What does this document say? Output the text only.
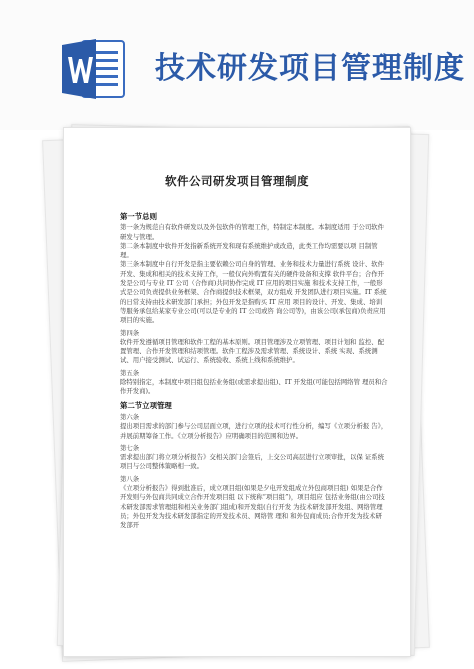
技术研发项目管理制度
软件公司研发项目管理制度

第一节总则

第一条为规范自有软件研发以及外包软件的管理工作，特制定本制度。本制度适用 于公司软件研发与管理。

第二条本制度中软件开发指新系统开发和现有系统维护或改造，此类工作均需要以项 目制管理。

第三条本制度中自行开发是指主要依赖公司自身的管理、业务和技术力量进行系统 设计、软件开发、集成和相关的技术支持工作，一般仅向外购置有关的硬件设备和支撑 软件平台；合作开发是公司与专业 IT 公司（合作商)共同协作完成 IT 应用的项目实施 和技术支持工作，一般形式是公司负责提供业务框架、合作商提供技术框架，双方组成 开发团队进行项目实施。IT 系统的日常支持由技术研发部门承担；外包开发是指购买 IT 应用 项目的设计、开发、集成、培训等服务承包给某家专业公司(可以是专业的 IT 公司或咨 询公司等)，由该公司(承包商)负责应用项目的实施。

第四条

软件开发遵循项目管理和软件工程的基本原则。项目管理涉及立项管理、项目计划和 监控、配置管理、合作开发管理和结项管理。软件工程涉及需求管理、系统设计、系统 实现、系统测试、用户接受测试、试运行、系统验收、系统上线和系统维护。

第五条

除特别指定，本制度中项目组包括业务组(或需求提出组)、IT 开发组(可能包括网络管 理员和合作开发商)。

第二节立项管理

第六条

提出项目需求的部门参与公司层面立项，进行立项的技术可行性分析，编写《立项分析报 告》，并展前期筹备工作。《立项分析报告》应明确项目的范围和边界。

第七条

需求提出部门将立项分析报告》交相关部门会签后，上交公司高层进行立项审批，以保 证系统项目与公司整体策略相一致。

第八条

《立项分析报告》得到批准后，成立项目组(如果是夕电开发组成立外包商项目组) 如果是合作开发则与外包商共同成立合作开发项目组 以下统称“项目组”)，项目组应 包括业务组(由公司技术研发部需求管理组和相关业务部门组成)和开发组(自行开发 为技术研发部开发组、网络管理员；外包开发为技术研发部指定的开发技术员、网络管 理和 和外包商成员;合作开发为技术研发部开
